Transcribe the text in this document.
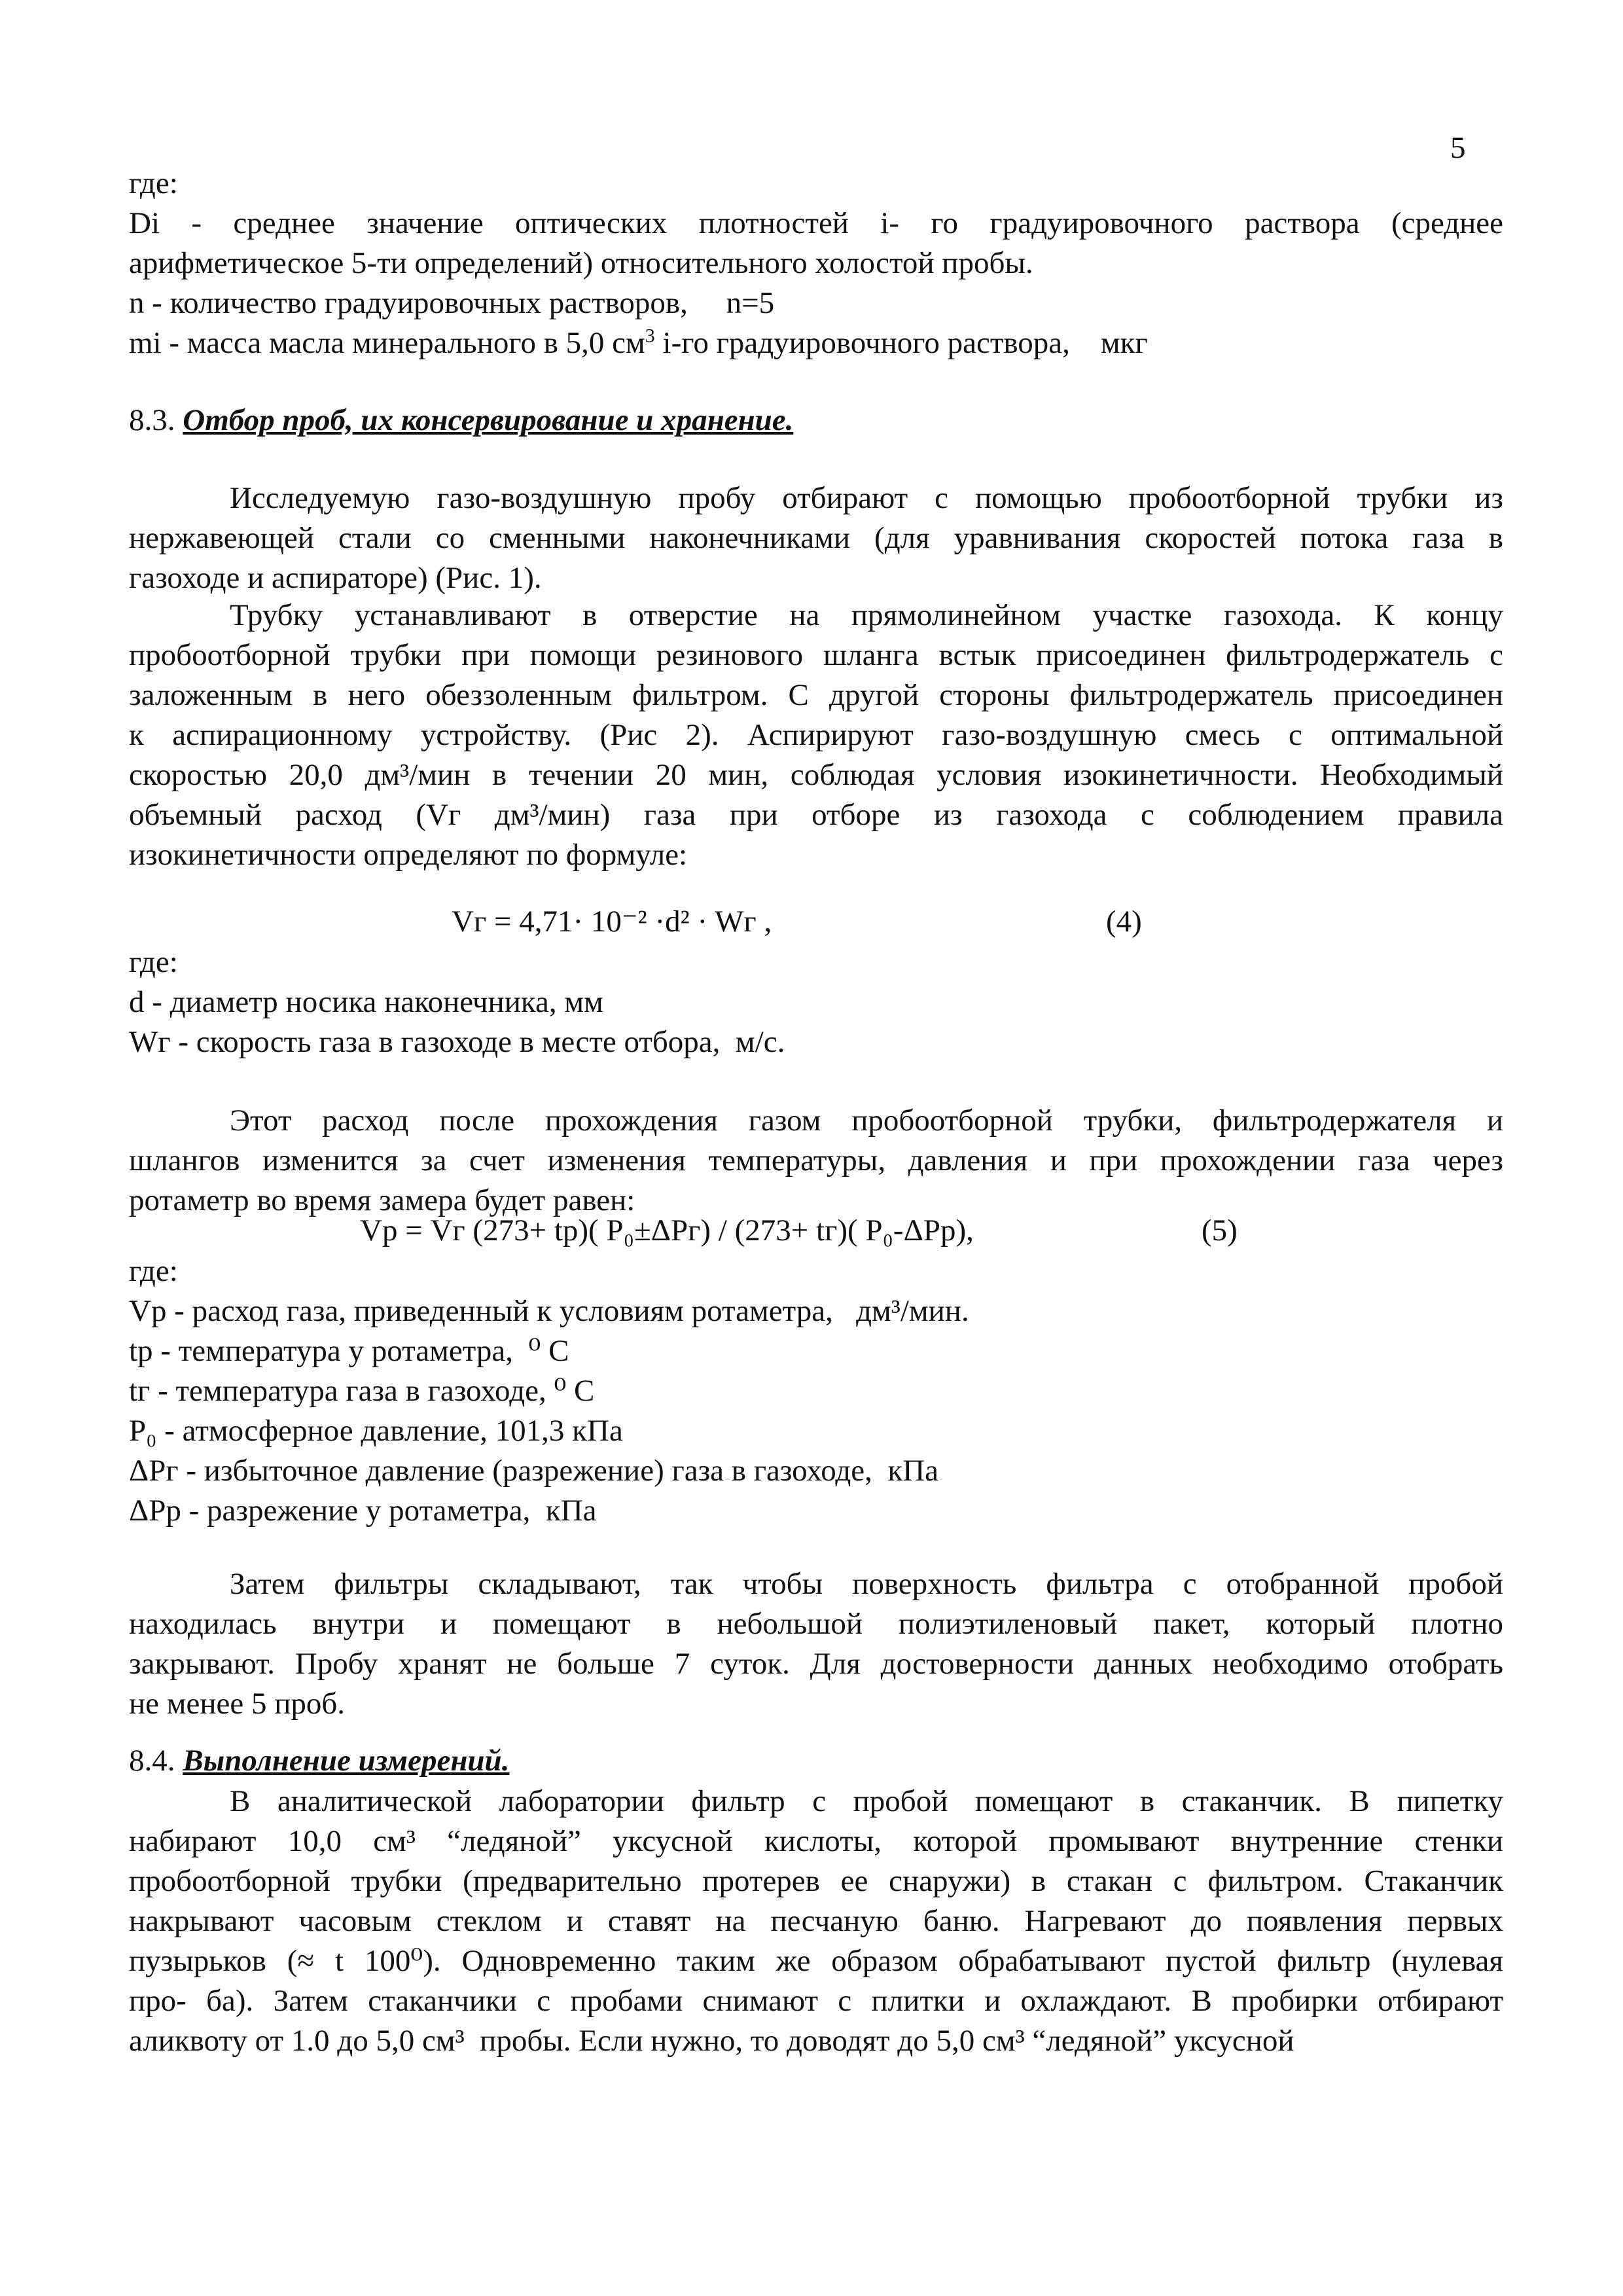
5
где:
Di - среднее значение оптических плотностей i- го градуировочного раствора (среднее
арифметическое 5-ти определений) относительного холостой пробы.
n - количество градуировочных растворов,     n=5
mi - масса масла минерального в 5,0 $см^3$ i-го градуировочного раствора,    мкг
8.3. Отбор проб, их консервирование и хранение.
Исследуемую газо-воздушную пробу отбирают с помощью пробоотборной трубки из
нержавеющей стали со сменными наконечниками (для уравнивания скоростей потока газа в
газоходе и аспираторе) (Рис. 1).
Трубку устанавливают в отверстие на прямолинейном участке газохода. К концу
пробоотборной трубки при помощи резинового шланга встык присоединен фильтродержатель с
заложенным в него обеззоленным фильтром. С другой стороны фильтродержатель присоединен
к аспирационному устройству. (Рис 2). Аспирируют газо-воздушную смесь с оптимальной
скоростью 20,0 дм³/мин в течении 20 мин, соблюдая условия изокинетичности. Необходимый
объемный расход (Vг дм³/мин) газа при отборе из газохода с соблюдением правила
изокинетичности определяют по формуле:
Vг = 4,71· 10⁻² ·d² · Wг ,	(4)
где:
d - диаметр носика наконечника, мм
Wг - скорость газа в газоходе в месте отбора,  м/с.
Этот расход после прохождения газом пробоотборной трубки, фильтродержателя и
шлангов изменится за счет изменения температуры, давления и при прохождении газа через
ротаметр во время замера будет равен:
Vр = Vг (273+ tр)( P₀±ΔPг) / (273+ tг)( P₀-ΔPр),	(5)
где:
Vр - расход газа, приведенный к условиям ротаметра,   дм³/мин.
tр - температура у ротаметра,  ⁰ С
tг - температура газа в газоходе, ⁰ С
P₀ - атмосферное давление, 101,3 кПа
ΔPг - избыточное давление (разрежение) газа в газоходе,  кПа
ΔPр - разрежение у ротаметра,  кПа
Затем фильтры складывают, так чтобы поверхность фильтра с отобранной пробой
находилась внутри и помещают в небольшой полиэтиленовый пакет, который плотно
закрывают. Пробу хранят не больше 7 суток. Для достоверности данных необходимо отобрать
не менее 5 проб.
8.4. Выполнение измерений.
В аналитической лаборатории фильтр с пробой помещают в стаканчик. В пипетку
набирают 10,0 см³ “ледяной” уксусной кислоты, которой промывают внутренние стенки
пробоотборной трубки (предварительно протерев ее снаружи) в стакан с фильтром. Стаканчик
накрывают часовым стеклом и ставят на песчаную баню. Нагревают до появления первых
пузырьков (≈ t 100⁰). Одновременно таким же образом обрабатывают пустой фильтр (нулевая
про- ба). Затем стаканчики с пробами снимают с плитки и охлаждают. В пробирки отбирают
аликвоту от 1.0 до 5,0 см³  пробы. Если нужно, то доводят до 5,0 см³ “ледяной” уксусной
